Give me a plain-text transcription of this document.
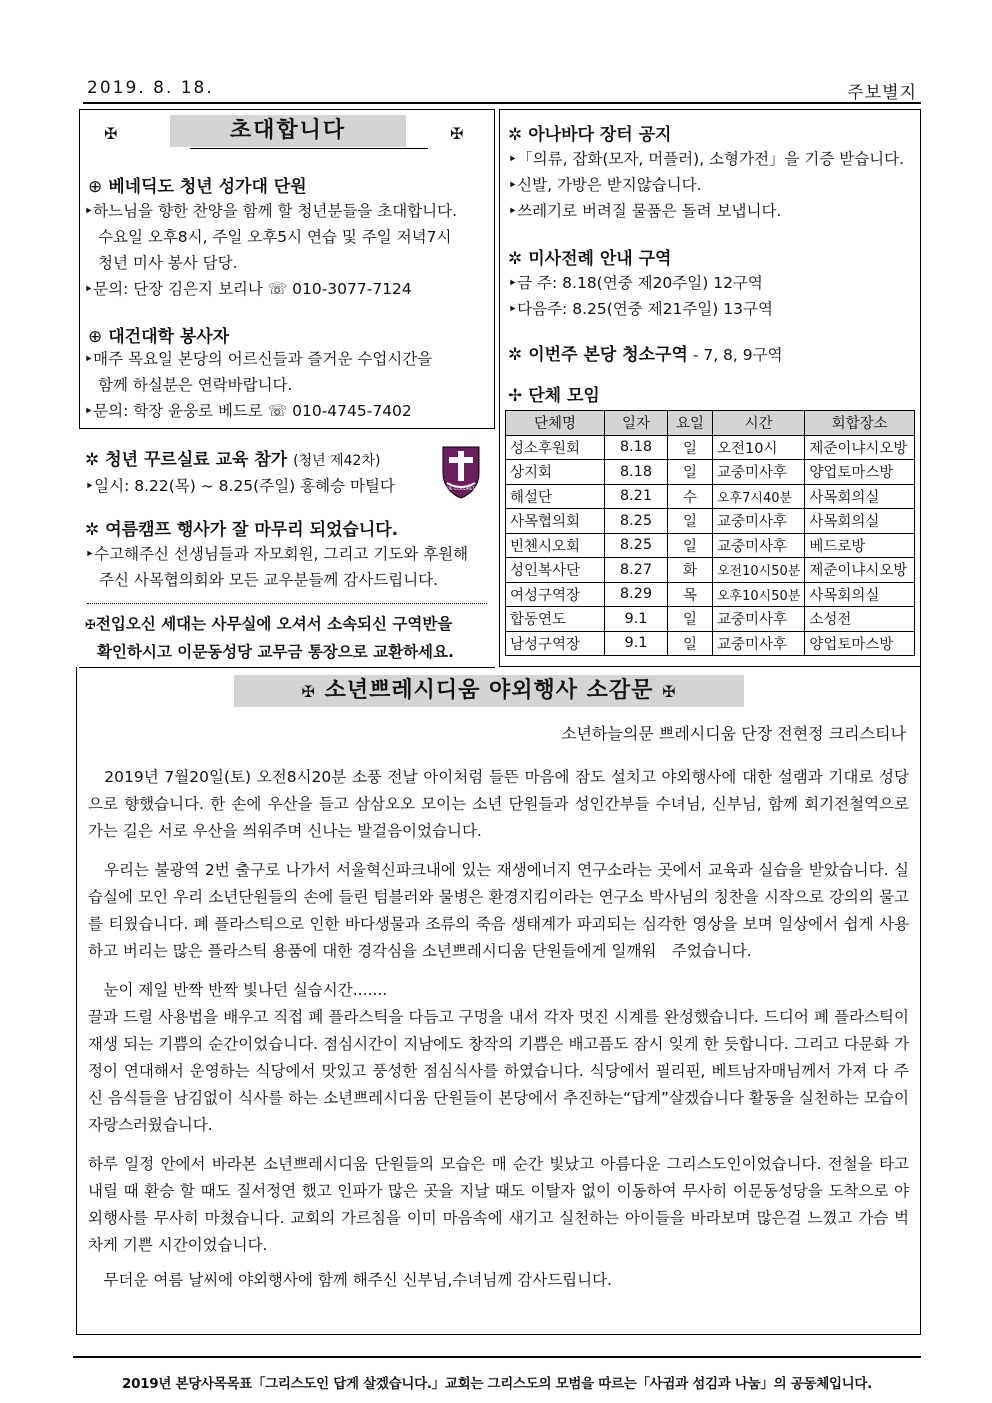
2019. 8. 18.	주보별지
✠	초대합니다	✠
⊕ 베네딕도 청년 성가대 단원
‣하느님을 향한 찬양을 함께 할 청년분들을 초대합니다.
수요일 오후8시, 주일 오후5시 연습 및 주일 저녁7시
청년 미사 봉사 담당.
‣문의: 단장 김은지 보리나 ☏ 010-3077-7124
⊕ 대건대학 봉사자
‣매주 목요일 본당의 어르신들과 즐거운 수업시간을
함께 하실분은 연락바랍니다.
‣문의: 학장 윤웅로 베드로 ☏ 010-4745-7402
✲ 청년 꾸르실료 교육 참가 (청년 제42차)
‣일시: 8.22(목) ~ 8.25(주일) 홍혜승 마틸다	DE COLORES
✲ 여름캠프 행사가 잘 마무리 되었습니다.
‣수고해주신 선생님들과 자모회원, 그리고 기도와 후원해
주신 사목협의회와 모든 교우분들께 감사드립니다.
✠전입오신 세대는 사무실에 오셔서 소속되신 구역반을
확인하시고 이문동성당 교무금 통장으로 교환하세요.
✲ 아나바다 장터 공지
‣「의류, 잡화(모자, 머플러), 소형가전」을 기증 받습니다.
‣신발, 가방은 받지않습니다.
‣쓰레기로 버려질 물품은 돌려 보냅니다.
✲ 미사전례 안내 구역
‣금 주: 8.18(연중 제20주일) 12구역
‣다음주: 8.25(연중 제21주일) 13구역
✲ 이번주 본당 청소구역 - 7, 8, 9구역
✢ 단체 모임
단체명	일자	요일	시간	회합장소
성소후원회	8.18	일	오전10시	제준이냐시오방
상지회	8.18	일	교중미사후	양업토마스방
해설단	8.21	수	오후7시40분	사목회의실
사목협의회	8.25	일	교중미사후	사목회의실
빈첸시오회	8.25	일	교중미사후	베드로방
성인복사단	8.27	화	오전10시50분	제준이냐시오방
여성구역장	8.29	목	오후10시50분	사목회의실
합동연도	9.1	일	교중미사후	소성전
남성구역장	9.1	일	교중미사후	양업토마스방
✠ 소년쁘레시디움 야외행사 소감문 ✠
소년하늘의문 쁘레시디움 단장 전현정 크리스티나
　2019년 7월20일(토) 오전8시20분 소풍 전날 아이처럼 들뜬 마음에 잠도 설치고 야외행사에 대한 설램과 기대로 성당으로 향했습니다. 한 손에 우산을 들고 삼삼오오 모이는 소년 단원들과 성인간부들 수녀님, 신부님, 함께 회기전철역으로 가는 길은 서로 우산을 씌워주며 신나는 발걸음이었습니다.
　우리는 불광역 2번 출구로 나가서 서울혁신파크내에 있는 재생에너지 연구소라는 곳에서 교육과 실습을 받았습니다. 실습실에 모인 우리 소년단원들의 손에 들린 텀블러와 물병은 환경지킴이라는 연구소 박사님의 칭찬을 시작으로 강의의 물고를 티웠습니다. 폐 플라스틱으로 인한 바다생물과 조류의 죽음 생태계가 파괴되는 심각한 영상을 보며 일상에서 쉽게 사용하고 버리는 많은 플라스틱 용품에 대한 경각심을 소년쁘레시디움 단원들에게 일깨워　주었습니다.
　눈이 제일 반짝 반짝 빛나던 실습시간.......
끌과 드릴 사용법을 배우고 직접 폐 플라스틱을 다듬고 구멍을 내서 각자 멋진 시계를 완성했습니다. 드디어 폐 플라스틱이 재생 되는 기쁨의 순간이었습니다. 점심시간이 지남에도 창작의 기쁨은 배고픔도 잠시 잊게 한 듯합니다. 그리고 다문화 가정이 연대해서 운영하는 식당에서 맛있고 풍성한 점심식사를 하였습니다. 식당에서 필리핀, 베트남자매님께서 가져 다 주신 음식들을 남김없이 식사를 하는 소년쁘레시디움 단원들이 본당에서 추진하는“답게”살겠습니다 활동을 실천하는 모습이 자랑스러웠습니다.
하루 일정 안에서 바라본 소년쁘레시디움 단원들의 모습은 매 순간 빛났고 아름다운 그리스도인이었습니다. 전철을 타고 내릴 때 환승 할 때도 질서정연 했고 인파가 많은 곳을 지날 때도 이탈자 없이 이동하여 무사히 이문동성당을 도착으로 야외행사를 무사히 마쳤습니다. 교회의 가르침을 이미 마음속에 새기고 실천하는 아이들을 바라보며 많은걸 느꼈고 가슴 벅차게 기쁜 시간이었습니다.
　무더운 여름 날씨에 야외행사에 함께 해주신 신부님,수녀님께 감사드립니다.
2019년 본당사목목표「그리스도인 답게 살겠습니다.」교회는 그리스도의 모범을 따르는「사귐과 섬김과 나눔」의 공동체입니다.
